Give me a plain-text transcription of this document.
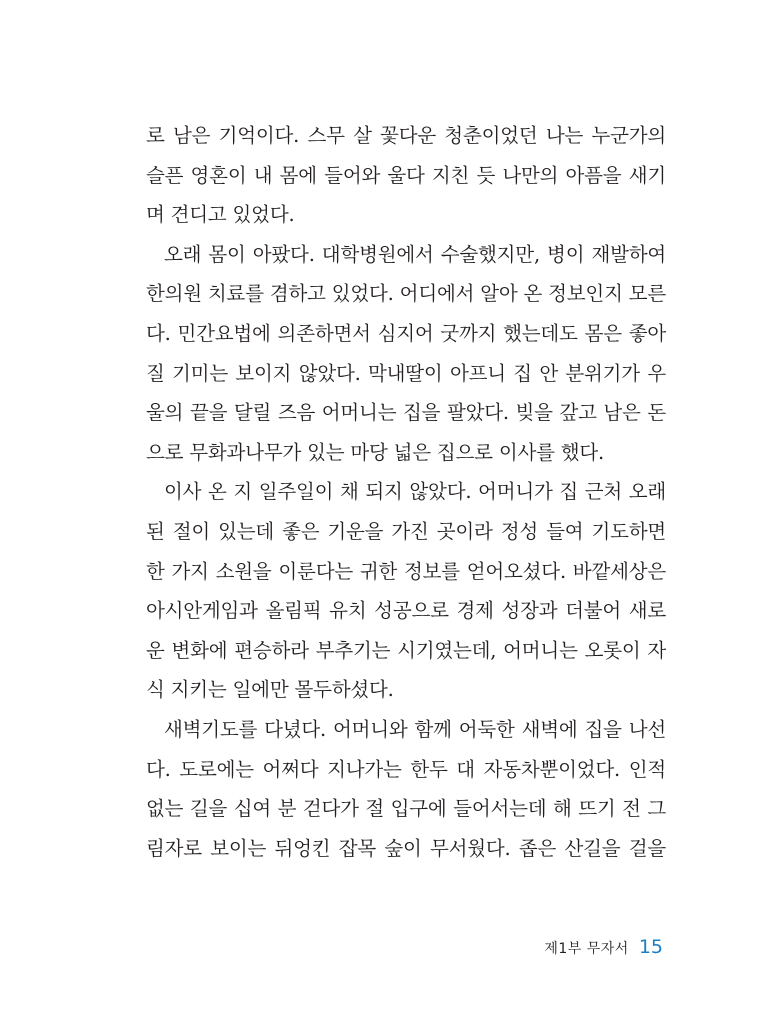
로 남은 기억이다. 스무 살 꽃다운 청춘이었던 나는 누군가의
슬픈 영혼이 내 몸에 들어와 울다 지친 듯 나만의 아픔을 새기
며 견디고 있었다.
오래 몸이 아팠다. 대학병원에서 수술했지만, 병이 재발하여
한의원 치료를 겸하고 있었다. 어디에서 알아 온 정보인지 모른
다. 민간요법에 의존하면서 심지어 굿까지 했는데도 몸은 좋아
질 기미는 보이지 않았다. 막내딸이 아프니 집 안 분위기가 우
울의 끝을 달릴 즈음 어머니는 집을 팔았다. 빚을 갚고 남은 돈
으로 무화과나무가 있는 마당 넓은 집으로 이사를 했다.
이사 온 지 일주일이 채 되지 않았다. 어머니가 집 근처 오래
된 절이 있는데 좋은 기운을 가진 곳이라 정성 들여 기도하면
한 가지 소원을 이룬다는 귀한 정보를 얻어오셨다. 바깥세상은
아시안게임과 올림픽 유치 성공으로 경제 성장과 더불어 새로
운 변화에 편승하라 부추기는 시기였는데, 어머니는 오롯이 자
식 지키는 일에만 몰두하셨다.
새벽기도를 다녔다. 어머니와 함께 어둑한 새벽에 집을 나선
다. 도로에는 어쩌다 지나가는 한두 대 자동차뿐이었다. 인적
없는 길을 십여 분 걷다가 절 입구에 들어서는데 해 뜨기 전 그
림자로 보이는 뒤엉킨 잡목 숲이 무서웠다. 좁은 산길을 걸을
제1부 무자서 15
